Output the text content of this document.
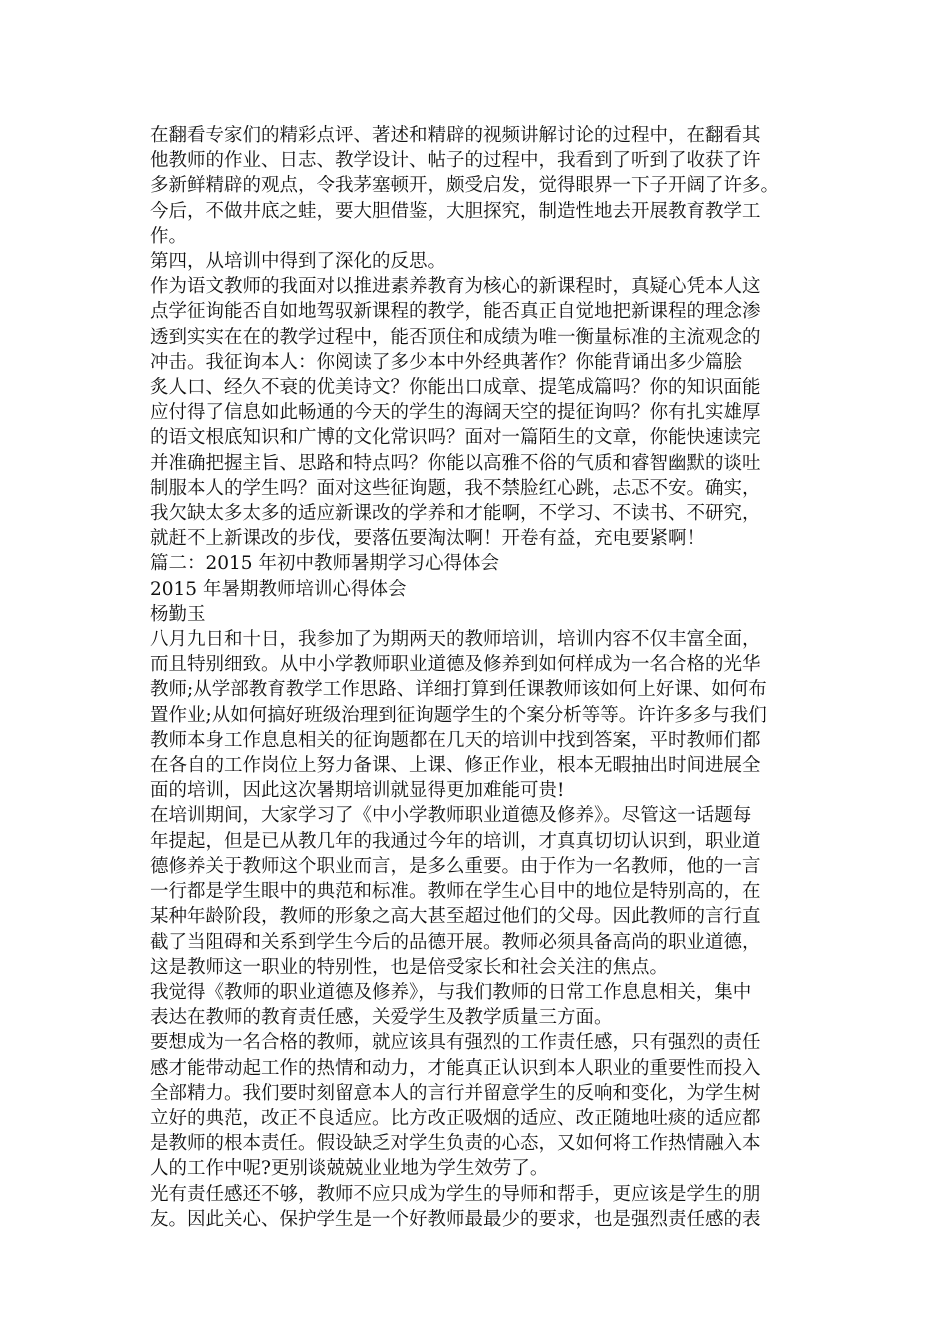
在翻看专家们的精彩点评、著述和精辟的视频讲解讨论的过程中，在翻看其
他教师的作业、日志、教学设计、帖子的过程中，我看到了听到了收获了许
多新鲜精辟的观点，令我茅塞顿开，颇受启发，觉得眼界一下子开阔了许多。
今后，不做井底之蛙，要大胆借鉴，大胆探究，制造性地去开展教育教学工
作。
第四，从培训中得到了深化的反思。
作为语文教师的我面对以推进素养教育为核心的新课程时，真疑心凭本人这
点学征询能否自如地驾驭新课程的教学，能否真正自觉地把新课程的理念渗
透到实实在在的教学过程中，能否顶住和成绩为唯一衡量标准的主流观念的
冲击。我征询本人：你阅读了多少本中外经典著作？你能背诵出多少篇脍
炙人口、经久不衰的优美诗文？你能出口成章、提笔成篇吗？你的知识面能
应付得了信息如此畅通的今天的学生的海阔天空的提征询吗？你有扎实雄厚
的语文根底知识和广博的文化常识吗？面对一篇陌生的文章，你能快速读完
并准确把握主旨、思路和特点吗？你能以高雅不俗的气质和睿智幽默的谈吐
制服本人的学生吗？面对这些征询题，我不禁脸红心跳，忐忑不安。确实，
我欠缺太多太多的适应新课改的学养和才能啊，不学习、不读书、不研究，
就赶不上新课改的步伐，要落伍要淘汰啊！开卷有益，充电要紧啊！
篇二：2015 年初中教师暑期学习心得体会
2015 年暑期教师培训心得体会
杨勤玉
八月九日和十日，我参加了为期两天的教师培训，培训内容不仅丰富全面，
而且特别细致。从中小学教师职业道德及修养到如何样成为一名合格的光华
教师;从学部教育教学工作思路、详细打算到任课教师该如何上好课、如何布
置作业;从如何搞好班级治理到征询题学生的个案分析等等。许许多多与我们
教师本身工作息息相关的征询题都在几天的培训中找到答案，平时教师们都
在各自的工作岗位上努力备课、上课、修正作业，根本无暇抽出时间进展全
面的培训，因此这次暑期培训就显得更加难能可贵!
在培训期间，大家学习了《中小学教师职业道德及修养》。尽管这一话题每
年提起，但是已从教几年的我通过今年的培训，才真真切切认识到，职业道
德修养关于教师这个职业而言，是多么重要。由于作为一名教师，他的一言
一行都是学生眼中的典范和标准。教师在学生心目中的地位是特别高的，在
某种年龄阶段，教师的形象之高大甚至超过他们的父母。因此教师的言行直
截了当阻碍和关系到学生今后的品德开展。教师必须具备高尚的职业道德，
这是教师这一职业的特别性，也是倍受家长和社会关注的焦点。
我觉得《教师的职业道德及修养》，与我们教师的日常工作息息相关，集中
表达在教师的教育责任感，关爱学生及教学质量三方面。
要想成为一名合格的教师，就应该具有强烈的工作责任感，只有强烈的责任
感才能带动起工作的热情和动力，才能真正认识到本人职业的重要性而投入
全部精力。我们要时刻留意本人的言行并留意学生的反响和变化，为学生树
立好的典范，改正不良适应。比方改正吸烟的适应、改正随地吐痰的适应都
是教师的根本责任。假设缺乏对学生负责的心态，又如何将工作热情融入本
人的工作中呢?更别谈兢兢业业地为学生效劳了。
光有责任感还不够，教师不应只成为学生的导师和帮手，更应该是学生的朋
友。因此关心、保护学生是一个好教师最最少的要求，也是强烈责任感的表
